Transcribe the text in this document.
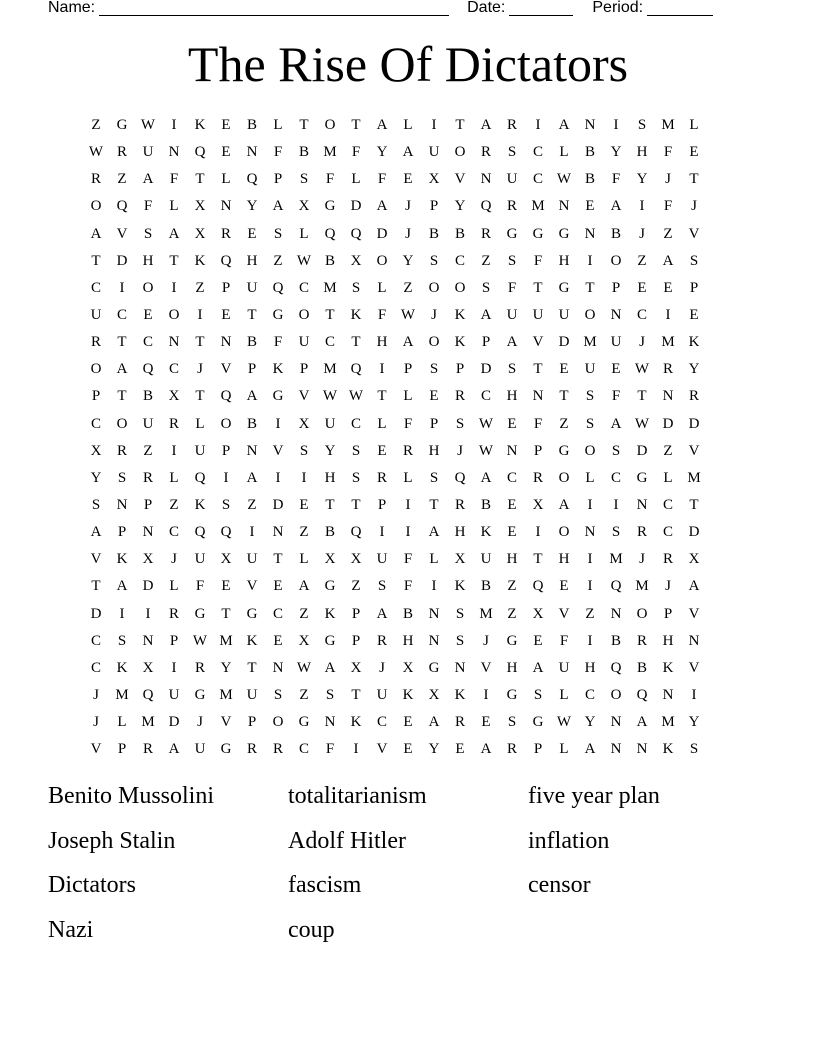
Name:	Date:	Period:
The Rise Of Dictators
Z	G W	I	K	E	B	L	T	O	T	A	L	I	T	A	R	I	A	N	I	S	M L
W R	U	N	Q	E	N	F	B M	F	Y	A	U	O	R	S	C	L	B	Y	H	F	E
R	Z	A	F	T	L	Q	P	S	F	L	F	E	X	V	N	U	C W B	F	Y	J	T
O	Q	F	L	X	N	Y	A	X	G	D	A	J	P	Y	Q	R M N	E	A	I	F	J
A	V	S	A	X	R	E	S	L	Q	Q	D	J	B	B	R	G	G	G	N	B	J	Z	V
T	D	H	T	K	Q	H	Z W B	X	O	Y	S	C	Z	S	F	H	I	O	Z	A	S
C	I	O	I	Z	P	U	Q	C M	S	L	Z	O	O	S	F	T	G	T	P	E	E	P
U	C	E	O	I	E	T	G	O	T	K	F W	J	K	A	U	U	U	O	N	C	I	E
R	T	C	N	T	N	B	F	U	C	T	H	A	O	K	P	A	V	D M U	J	M K
O	A	Q	C	J	V	P	K	P	M Q	I	P	S	P	D	S	T	E	U	E W R	Y
P	T	B	X	T	Q	A	G	V W W T	L	E	R	C	H	N	T	S	F	T	N	R
C	O	U	R	L	O	B	I	X	U	C	L	F	P	S W E	F	Z	S	A W D	D
X	R	Z	I	U	P	N	V	S	Y	S	E	R	H	J	W N	P	G	O	S	D	Z	V
Y	S	R	L	Q	I	A	I	I	H	S	R	L	S	Q	A	C	R	O	L	C	G	L M
S	N	P	Z	K	S	Z	D	E	T	T	P	I	T	R	B	E	X	A	I	I	N	C	T
A	P	N	C	Q	Q	I	N	Z	B	Q	I	I	A	H	K	E	I	O	N	S	R	C	D
V	K	X	J	U	X	U	T	L	X	X	U	F	L	X	U	H	T	H	I	M	J	R	X
T	A	D	L	F	E	V	E	A	G	Z	S	F	I	K	B	Z	Q	E	I	Q M	J	A
D	I	I	R	G	T	G	C	Z	K	P	A	B	N	S	M Z	X	V	Z	N	O	P	V
C	S	N	P W M K	E	X	G	P	R	H	N	S	J	G	E	F	I	B	R	H	N
C	K	X	I	R	Y	T	N W A	X	J	X	G	N	V	H	A	U	H	Q	B	K	V
J	M Q	U	G M U	S	Z	S	T	U	K	X	K	I	G	S	L	C	O	Q	N	I
J	L M D	J	V	P	O	G	N	K	C	E	A	R	E	S	G W Y	N	A M Y
V	P	R	A	U	G	R	R	C	F	I	V	E	Y	E	A	R	P	L	A	N	N	K	S
Benito Mussolini	totalitarianism	five year plan
Joseph Stalin	Adolf Hitler	inflation
Dictators	fascism	censor
Nazi	coup
